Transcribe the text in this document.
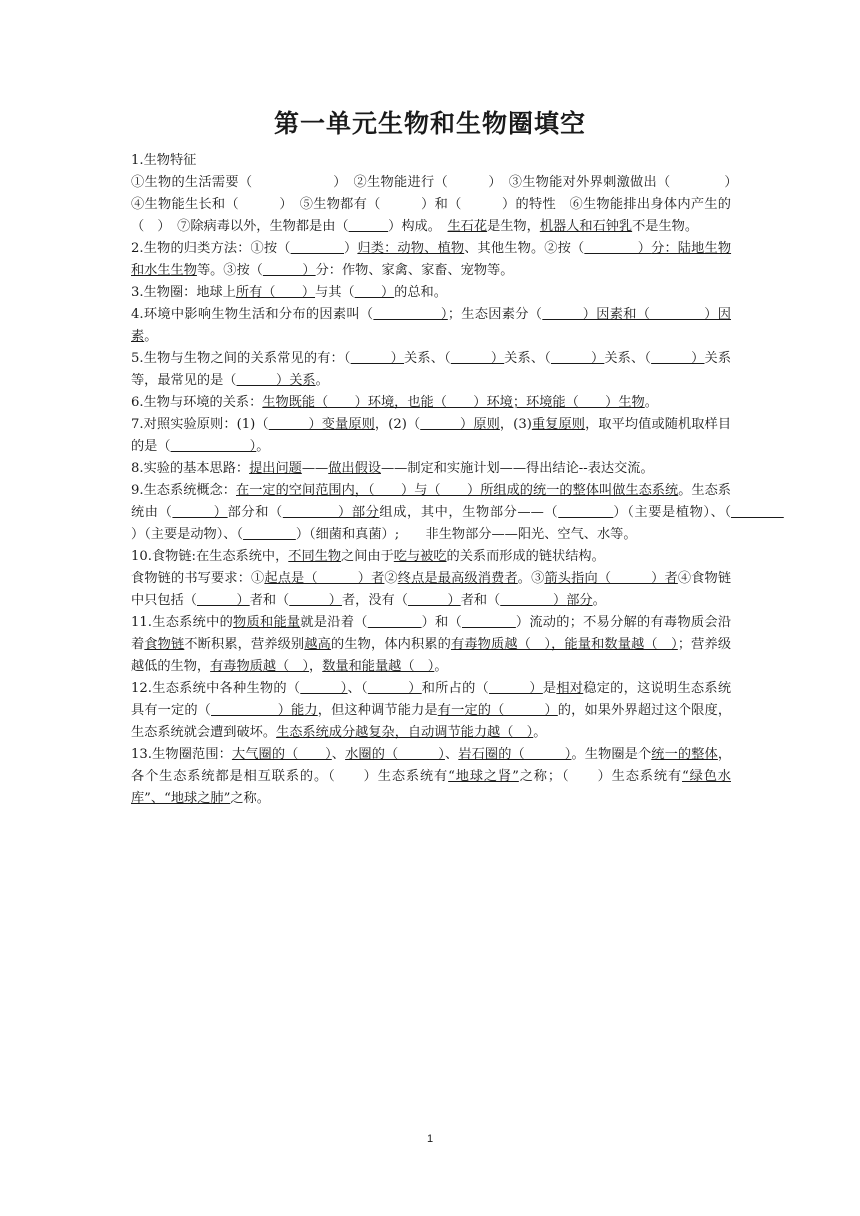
第一单元生物和生物圈填空

1.生物特征

①生物的生活需要（　　　　　　）　②生物能进行（　　　）　③生物能对外界刺激做出（　　　　）　④生物能生长和（　　　）　⑤生物都有（　　　）和（　　　）的特性　⑥生物能排出身体内产生的（　）　⑦除病毒以外，生物都是由（　　　	）构成。　生石花是生物，机器人和石钟乳不是生物。

2.生物的归类方法：①按（　　　　	）归类：动物、植物、其他生物。②按（　　　　）分：陆地生物和水生生物等。③按（　　　）分：作物、家禽、家畜、宠物等。

3.生物圈：地球上所有（　　）与其（　　）的总和。

4.环境中影响生物生活和分布的因素叫（　　　　　）；生态因素分（　　　）因素和（　　　　）因素。

5.生物与生物之间的关系常见的有：（　　　）关系、（　　　）关系、（　　　）关系、（　　　）关系等，最常见的是（　　　）关系。

6.生物与环境的关系：生物既能（　　）环境，也能（　　）环境；环境能（　　）生物。

7.对照实验原则：(1)（　　　）变量原则，(2)（　　　）原则，(3)重复原则，取平均值或随机取样目的是（　　　　　　）。

8.实验的基本思路：提出问题——做出假设——制定和实施计划——得出结论--表达交流。

9.生态系统概念：在一定的空间范围内，（　　）与（　　）所组成的统一的整体叫做生态系统。生态系统由（　　　）部分和（　　　　）部分组成，其中，生物部分——（　　　　	）（主要是植物）、（　　　　）（主要是动物）、（　　　　	）（细菌和真菌）;　　非生物部分——阳光、空气、水等。

10.食物链:在生态系统中，不同生物之间由于吃与被吃的关系而形成的链状结构。

食物链的书写要求：①起点是（　　　）者②终点是最高级消费者。③箭头指向（　　　）者④食物链中只包括（　　　）者和（　　　）者，没有（　　　）者和（　　　　）部分。

11.生态系统中的物质和能量就是沿着（　　　　	）和（　　　　	）流动的；不易分解的有毒物质会沿着食物链不断积累，营养级别越高的生物，体内积累的有毒物质越（　），能量和数量越（　）；营养级越低的生物，有毒物质越（　），数量和能量越（　）。

12.生态系统中各种生物的（　　　）、（　　　）和所占的（　　　）是相对稳定的，这说明生态系统具有一定的（　　　　　）能力，但这种调节能力是有一定的（　　　）的，如果外界超过这个限度，生态系统就会遭到破坏。生态系统成分越复杂，自动调节能力越（　）。

13.生物圈范围：大气圈的（　　）、水圈的（　　　）、岩石圈的（　　　）。生物圈是个统一的整体，各个生态系统都是相互联系的。（　　）生态系统有“地球之肾”之称；（　　）生态系统有“绿色水库”、“地球之肺”之称。

1
